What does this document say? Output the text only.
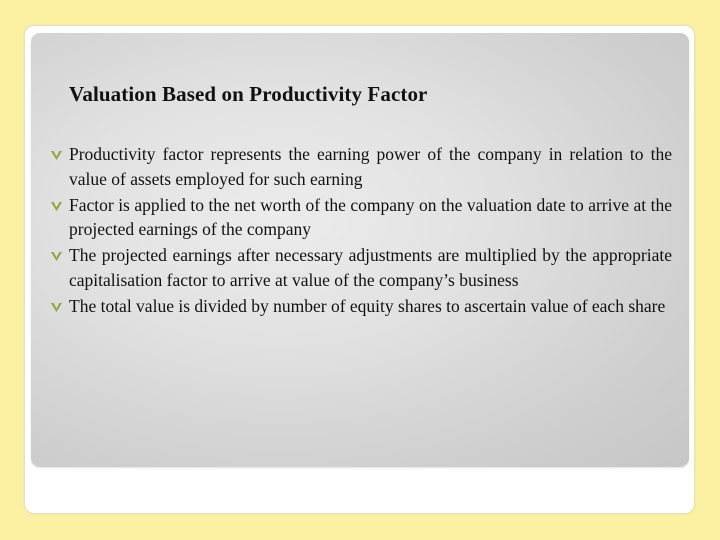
Valuation Based on Productivity Factor
Productivity factor represents the earning power of the company in relation to the value of assets employed for such earning
Factor is applied to the net worth of the company on the valuation date to arrive at the projected earnings of the company
The projected earnings after necessary adjustments are multiplied by the appropriate capitalisation factor to arrive at value of the company’s business
The total value is divided by number of equity shares to ascertain value of each share
